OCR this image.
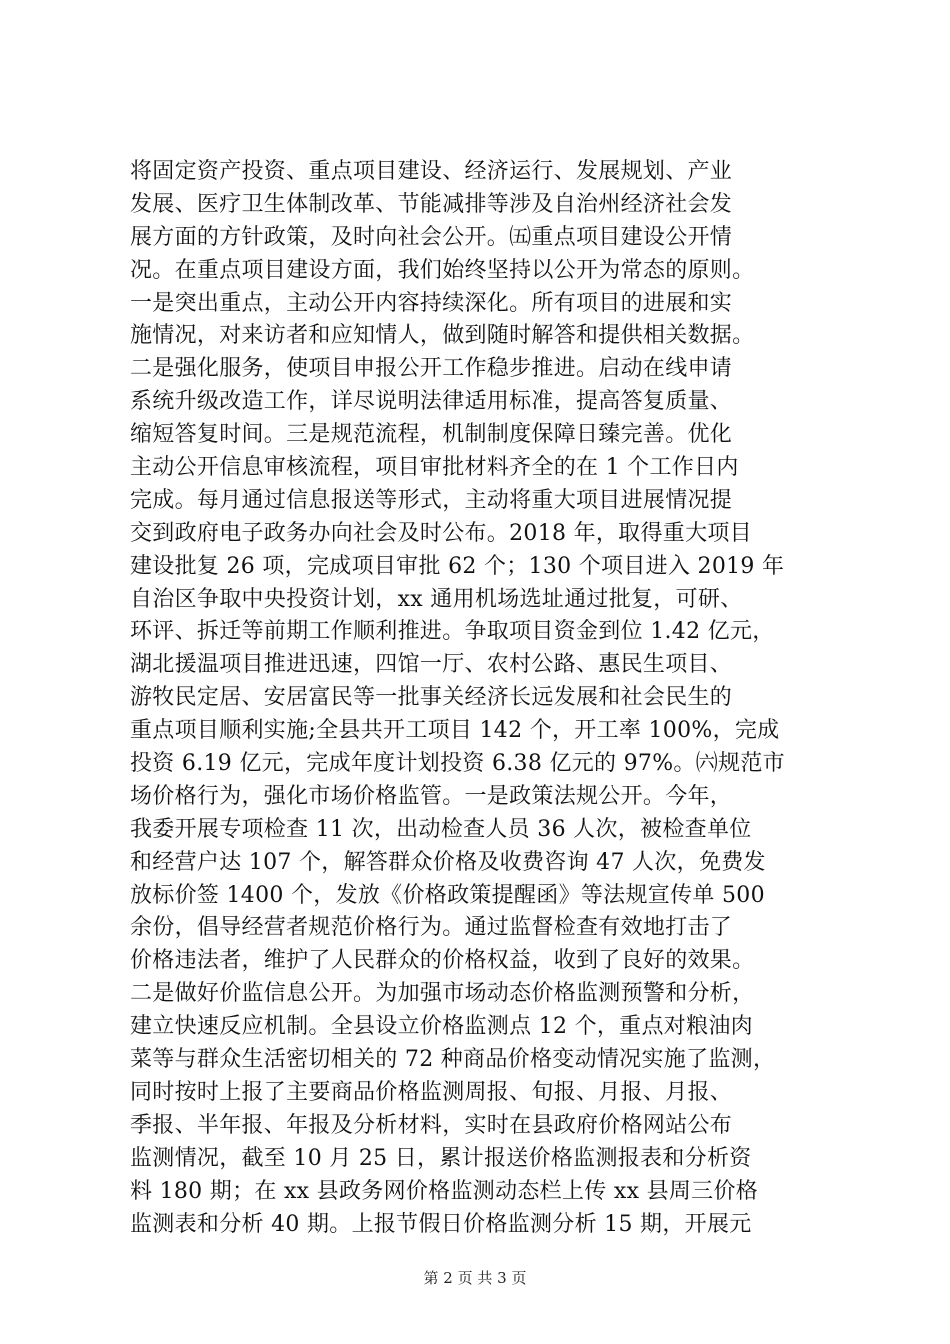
将固定资产投资、重点项目建设、经济运行、发展规划、产业
发展、医疗卫生体制改革、节能减排等涉及自治州经济社会发
展方面的方针政策，及时向社会公开。㈤重点项目建设公开情
况。在重点项目建设方面，我们始终坚持以公开为常态的原则。
一是突出重点，主动公开内容持续深化。所有项目的进展和实
施情况，对来访者和应知情人，做到随时解答和提供相关数据。
二是强化服务，使项目申报公开工作稳步推进。启动在线申请
系统升级改造工作，详尽说明法律适用标准，提高答复质量、
缩短答复时间。三是规范流程，机制制度保障日臻完善。优化
主动公开信息审核流程，项目审批材料齐全的在 1 个工作日内
完成。每月通过信息报送等形式，主动将重大项目进展情况提
交到政府电子政务办向社会及时公布。2018 年，取得重大项目
建设批复 26 项，完成项目审批 62 个；130 个项目进入 2019 年
自治区争取中央投资计划，xx 通用机场选址通过批复，可研、
环评、拆迁等前期工作顺利推进。争取项目资金到位 1.42 亿元，
湖北援温项目推进迅速，四馆一厅、农村公路、惠民生项目、
游牧民定居、安居富民等一批事关经济长远发展和社会民生的
重点项目顺利实施;全县共开工项目 142 个，开工率 100%，完成
投资 6.19 亿元，完成年度计划投资 6.38 亿元的 97%。㈥规范市
场价格行为，强化市场价格监管。一是政策法规公开。今年，
我委开展专项检查 11 次，出动检查人员 36 人次，被检查单位
和经营户达 107 个，解答群众价格及收费咨询 47 人次，免费发
放标价签 1400 个，发放《价格政策提醒函》等法规宣传单 500
余份，倡导经营者规范价格行为。通过监督检查有效地打击了
价格违法者，维护了人民群众的价格权益，收到了良好的效果。
二是做好价监信息公开。为加强市场动态价格监测预警和分析，
建立快速反应机制。全县设立价格监测点 12 个，重点对粮油肉
菜等与群众生活密切相关的 72 种商品价格变动情况实施了监测，
同时按时上报了主要商品价格监测周报、旬报、月报、月报、
季报、半年报、年报及分析材料，实时在县政府价格网站公布
监测情况，截至 10 月 25 日，累计报送价格监测报表和分析资
料 180 期；在 xx 县政务网价格监测动态栏上传 xx 县周三价格
监测表和分析 40 期。上报节假日价格监测分析 15 期，开展元
第 2 页 共 3 页
